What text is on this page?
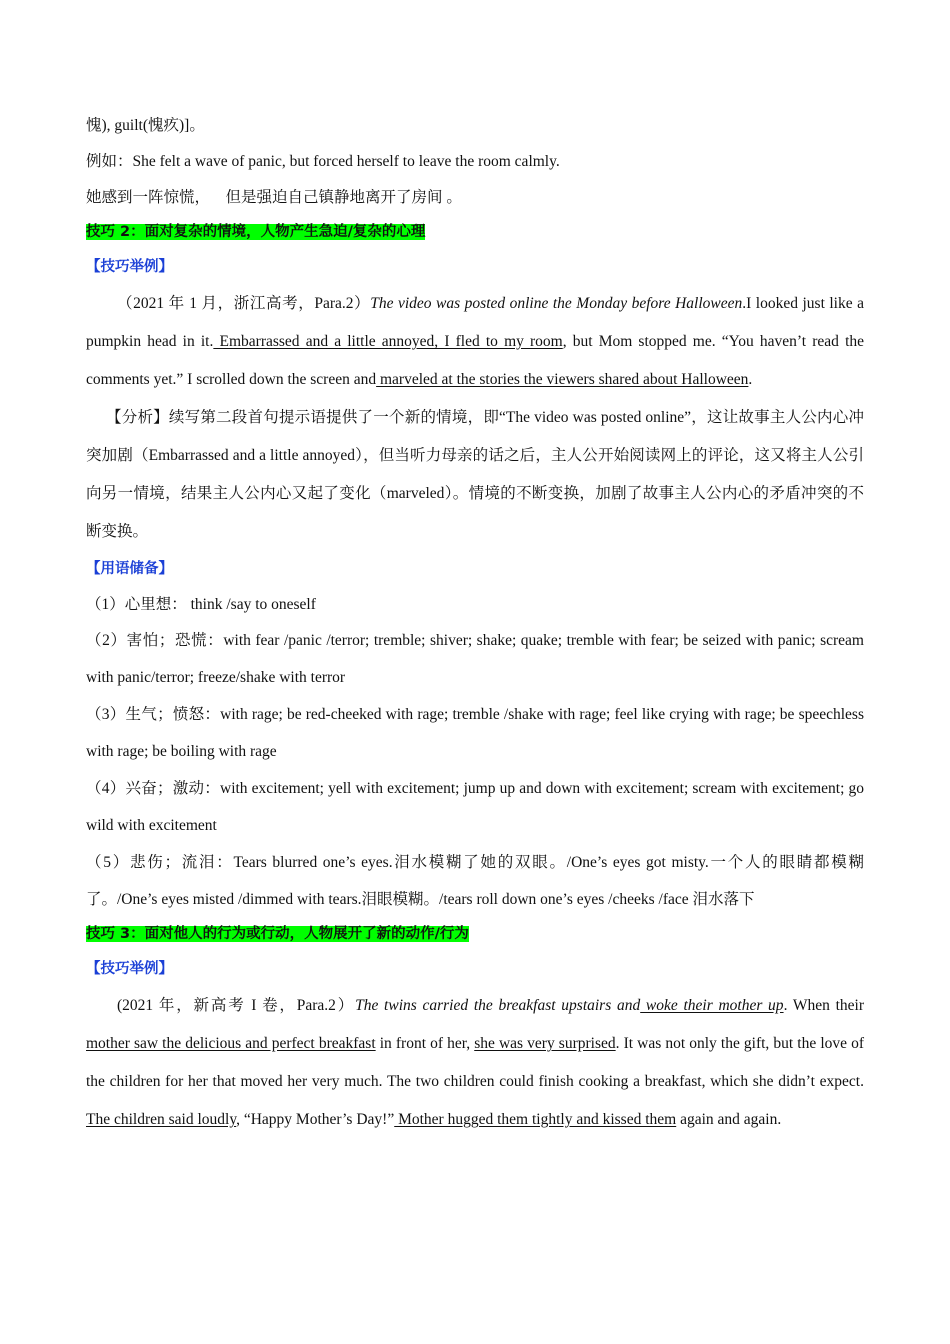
愧), guilt(愧疚)]。
例如：She felt a wave of panic, but forced herself to leave the room calmly.
她感到一阵惊慌，    但是强迫自己镇静地离开了房间 。
技巧 2：面对复杂的情境，人物产生急迫/复杂的心理
【技巧举例】
（2021 年 1 月，浙江高考，Para.2）The video was posted online the Monday before Halloween.I looked just like a pumpkin head in it. Embarrassed and a little annoyed, I fled to my room, but Mom stopped me. “You haven’t read the comments yet.” I scrolled down the screen and marveled at the stories the viewers shared about Halloween.
【分析】续写第二段首句提示语提供了一个新的情境，即“The video was posted online”，这让故事主人公内心冲突加剧（Embarrassed and a little annoyed），但当听力母亲的话之后，主人公开始阅读网上的评论，这又将主人公引向另一情境，结果主人公内心又起了变化（marveled）。情境的不断变换，加剧了故事主人公内心的矛盾冲突的不断变换。
【用语储备】
（1）心里想： think /say to oneself
（2）害怕；恐慌：with fear /panic /terror; tremble; shiver; shake; quake; tremble with fear; be seized with panic; scream with panic/terror; freeze/shake with terror
（3）生气；愤怒：with rage; be red-cheeked with rage; tremble /shake with rage; feel like crying with rage; be speechless with rage; be boiling with rage
（4）兴奋；激动：with excitement; yell with excitement; jump up and down with excitement; scream with excitement; go wild with excitement
（5）悲伤；流泪：Tears blurred one’s eyes.泪水模糊了她的双眼。/One’s eyes got misty.一个人的眼睛都模糊了。/One’s eyes misted /dimmed with tears.泪眼模糊。/tears roll down one’s eyes /cheeks /face 泪水落下
技巧 3：面对他人的行为或行动，人物展开了新的动作/行为
【技巧举例】
(2021 年，新高考 I 卷，Para.2）The twins carried the breakfast upstairs and woke their mother up. When their mother saw the delicious and perfect breakfast in front of her, she was very surprised. It was not only the gift, but the love of the children for her that moved her very much. The two children could finish cooking a breakfast, which she didn’t expect. The children said loudly, “Happy Mother’s Day!” Mother hugged them tightly and kissed them again and again.
